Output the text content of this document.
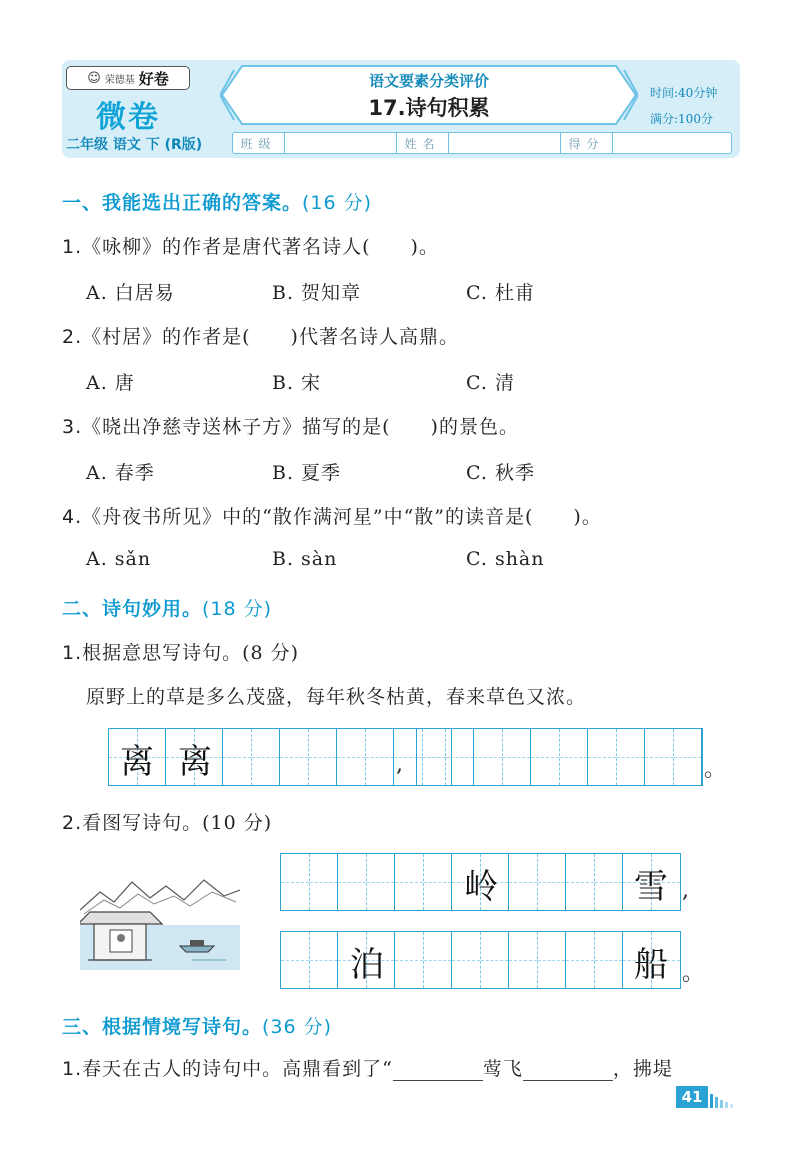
☺ 荣德基 好卷
微卷
二年级 语文 下 (R版)
语文要素分类评价
17.诗句积累
时间:40分钟
满分:100分
班级	姓名	得分
一、我能选出正确的答案。(16 分)
1.《咏柳》的作者是唐代著名诗人(　　)。
A. 白居易	B. 贺知章	C. 杜甫
2.《村居》的作者是(　　)代著名诗人高鼎。
A. 唐	B. 宋	C. 清
3.《晓出净慈寺送林子方》描写的是(　　)的景色。
A. 春季	B. 夏季	C. 秋季
4.《舟夜书所见》中的“散作满河星”中“散”的读音是(　　)。
A. sǎn	B. sàn	C. shàn
二、诗句妙用。(18 分)
1.根据意思写诗句。(8 分)
原野上的草是多么茂盛，每年秋冬枯黄，春来草色又浓。
离 离	,	。
2.看图写诗句。(10 分)
岭	雪 ,
泊	船 。
三、根据情境写诗句。(36 分)
1.春天在古人的诗句中。高鼎看到了“	莺飞	，拂堤
41
